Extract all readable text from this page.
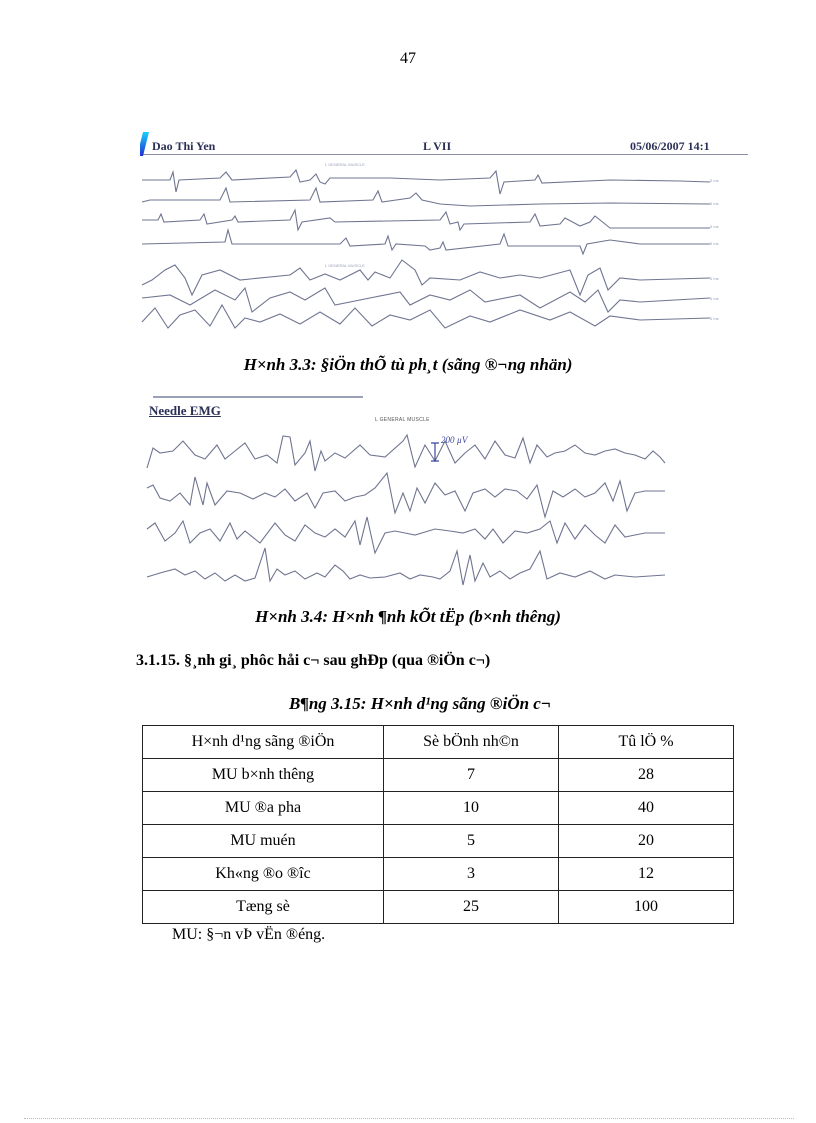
47
Dao Thi Yen	L VII	05/06/2007 14:1
L GENERAL MUSCLE
L GENERAL MUSCLE
5 ms
5 ms
5 ms
5 ms
5 ms
5 ms
5 ms
H×nh 3.3: §iÖn thÕ tù ph¸t (sãng ®¬ng nhän)
Needle EMG
L GENERAL MUSCLE
200 µV
H×nh 3.4: H×nh ¶nh kÕt tËp (b×nh thêng)
3.1.15. §¸nh gi¸ phôc håi c¬ sau ghÐp (qua ®iÖn c¬)
B¶ng 3.15: H×nh d¹ng sãng ®iÖn c¬
H×nh d¹ng sãng ®iÖn	Sè bÖnh nh©n	Tû lÖ %
MU b×nh thêng	7	28
MU ®a pha	10	40
MU muén	5	20
Kh«ng ®o ®îc	3	12
Tæng sè	25	100
MU: §¬n vÞ vËn ®éng.
